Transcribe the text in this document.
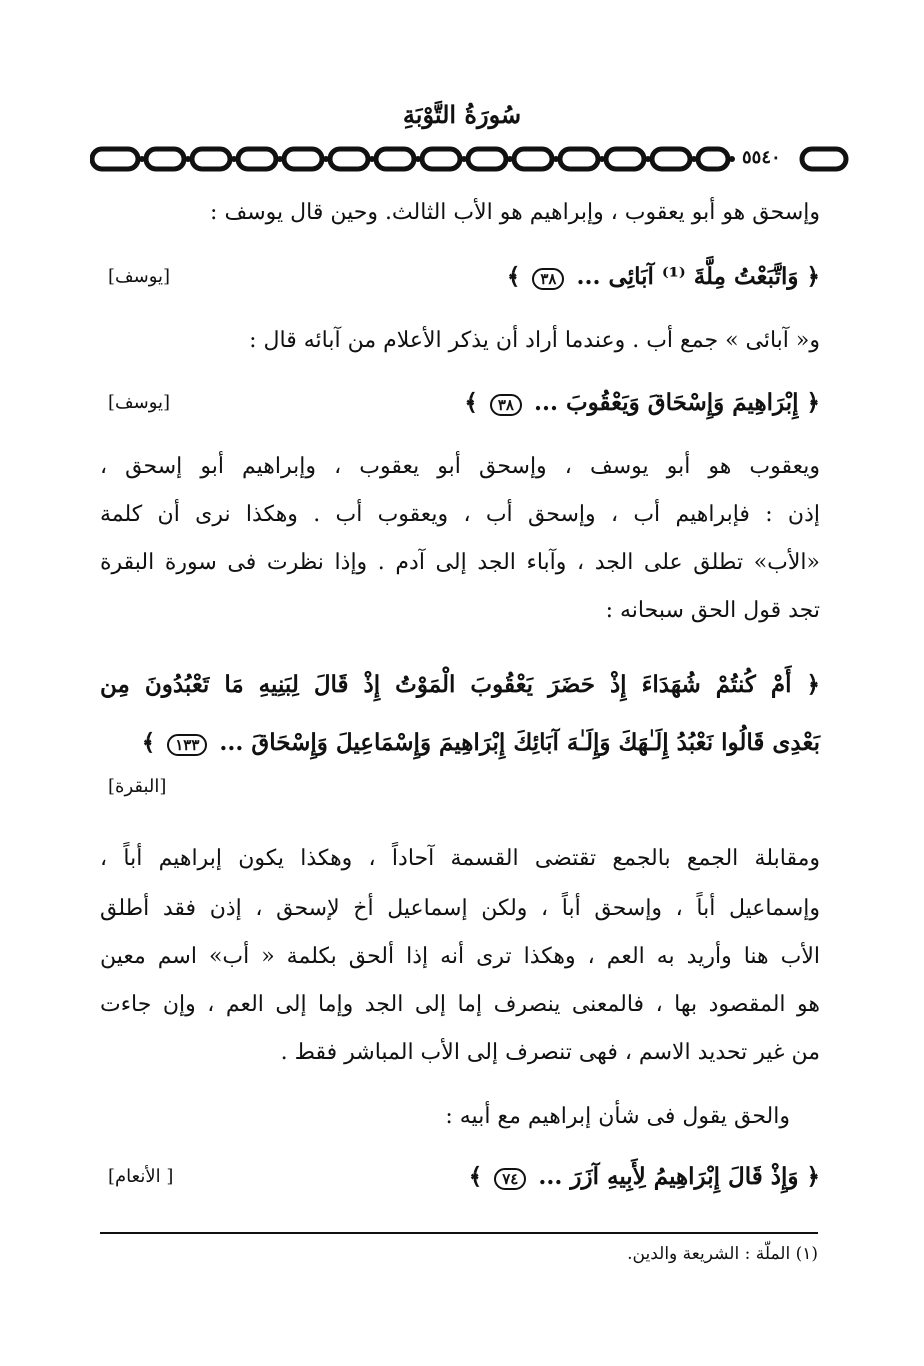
سُورَةُ التَّوْبَةِ
٥٥٤٠
وإسحق هو أبو يعقوب ، وإبراهيم هو الأب الثالث. وحين قال يوسف :
﴿ وَاتَّبَعْتُ مِلَّةَ ⁽¹⁾ آبَائِى ... ٣٨ ﴾
[يوسف]
و« آبائى » جمع أب . وعندما أراد أن يذكر الأعلام من آبائه قال :
﴿ إِبْرَاهِيمَ وَإِسْحَاقَ وَيَعْقُوبَ ... ٣٨ ﴾
[يوسف]
ويعقوب هو أبو يوسف ، وإسحق أبو يعقوب ، وإبراهيم أبو إسحق ،
إذن : فإبراهيم أب ، وإسحق أب ، ويعقوب أب . وهكذا نرى أن كلمة
«الأب» تطلق على الجد ، وآباء الجد إلى آدم . وإذا نظرت فى سورة البقرة
تجد قول الحق سبحانه :
﴿ أَمْ كُنتُمْ شُهَدَاءَ إِذْ حَضَرَ يَعْقُوبَ الْمَوْتُ إِذْ قَالَ لِبَنِيهِ مَا تَعْبُدُونَ مِن
بَعْدِى قَالُوا نَعْبُدُ إِلَـٰهَكَ وَإِلَـٰهَ آبَائِكَ إِبْرَاهِيمَ وَإِسْمَاعِيلَ وَإِسْحَاقَ ... ١٣٣ ﴾
[البقرة]
ومقابلة الجمع بالجمع تقتضى القسمة آحاداً ، وهكذا يكون إبراهيم أباً ،
وإسماعيل أباً ، وإسحق أباً ، ولكن إسماعيل أخ لإسحق ، إذن فقد أطلق
الأب هنا وأريد به العم ، وهكذا ترى أنه إذا ألحق بكلمة « أب» اسم معين
هو المقصود بها ، فالمعنى ينصرف إما إلى الجد وإما إلى العم ، وإن جاءت
من غير تحديد الاسم ، فهى تنصرف إلى الأب المباشر فقط .
والحق يقول فى شأن إبراهيم مع أبيه :
﴿ وَإِذْ قَالَ إِبْرَاهِيمُ لِأَبِيهِ آزَرَ ... ٧٤ ﴾
[ الأنعام]
(١) الملّة : الشريعة والدين.
